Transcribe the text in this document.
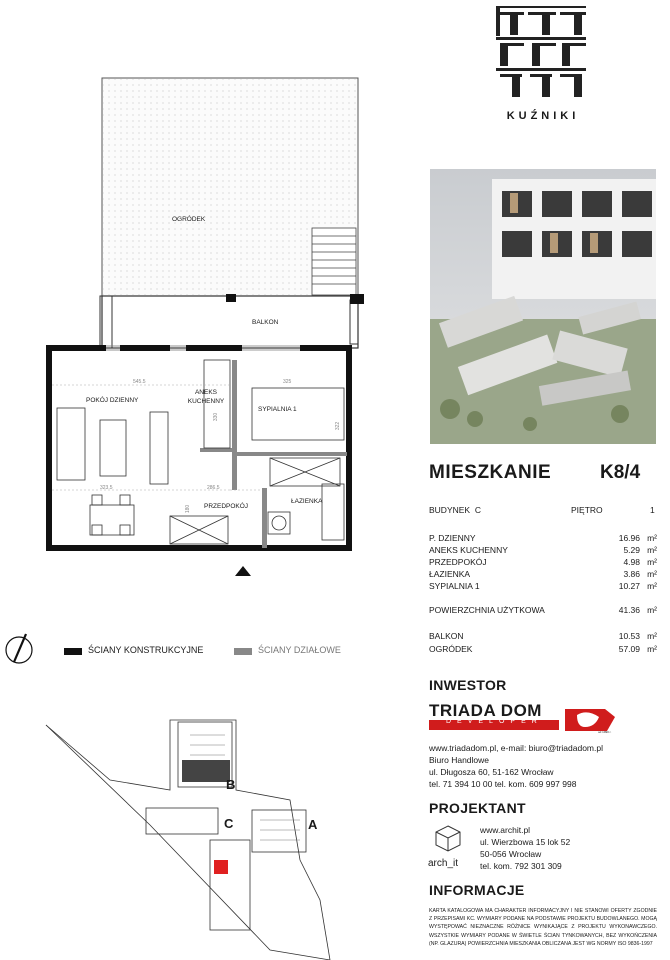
KUŹNIKI
OGRÓDEK
BALKON
POKÓJ DZIENNY
ANEKS KUCHENNY
SYPIALNIA 1
PRZEDPOKÓJ
ŁAZIENKA
545.5	325
323.5	286.5
330
322
180
ŚCIANY KONSTRUKCYJNE	ŚCIANY DZIAŁOWE
B
C	A
MIESZKANIE	K8/4
BUDYNEK C	PIĘTRO	1
P. DZIENNY	16.96 m²
ANEKS KUCHENNY	5.29 m²
PRZEDPOKÓJ	4.98 m²
ŁAZIENKA	3.86 m²
SYPIALNIA 1	10.27 m²
POWIERZCHNIA UŻYTKOWA	41.36 m²
BALKON	10.53 m²
OGRÓDEK	57.09 m²
INWESTOR
TRIADA DOM
DEVELOPER
od 1990 r.
www.triadadom.pl, e-mail: biuro@triadadom.pl
Biuro Handlowe
ul. Długosza 60, 51-162 Wrocław
tel. 71 394 10 00 tel. kom. 609 997 998
PROJEKTANT
arch_it
www.archit.pl
ul. Wierzbowa 15 lok 52
50-056 Wrocław
tel. kom. 792 301 309
INFORMACJE
KARTA KATALOGOWA MA CHARAKTER INFORMACYJNY I NIE STANOWI OFERTY ZGODNIE Z PRZEPISAMI KC. WYMIARY PODANE NA PODSTAWIE PROJEKTU BUDOWLANEGO. MOGĄ WYSTĘPOWAĆ NIEZNACZNE RÓŻNICE WYNIKAJĄCE Z PROJEKTU WYKONAWCZEGO. WSZYSTKIE WYMIARY PODANE W ŚWIETLE ŚCIAN TYNKOWANYCH, BEZ WYKOŃCZENIA (NP. GLAZURA) POWIERZCHNIA MIESZKANIA OBLICZANA JEST WG NORMY ISO 9836-1997
